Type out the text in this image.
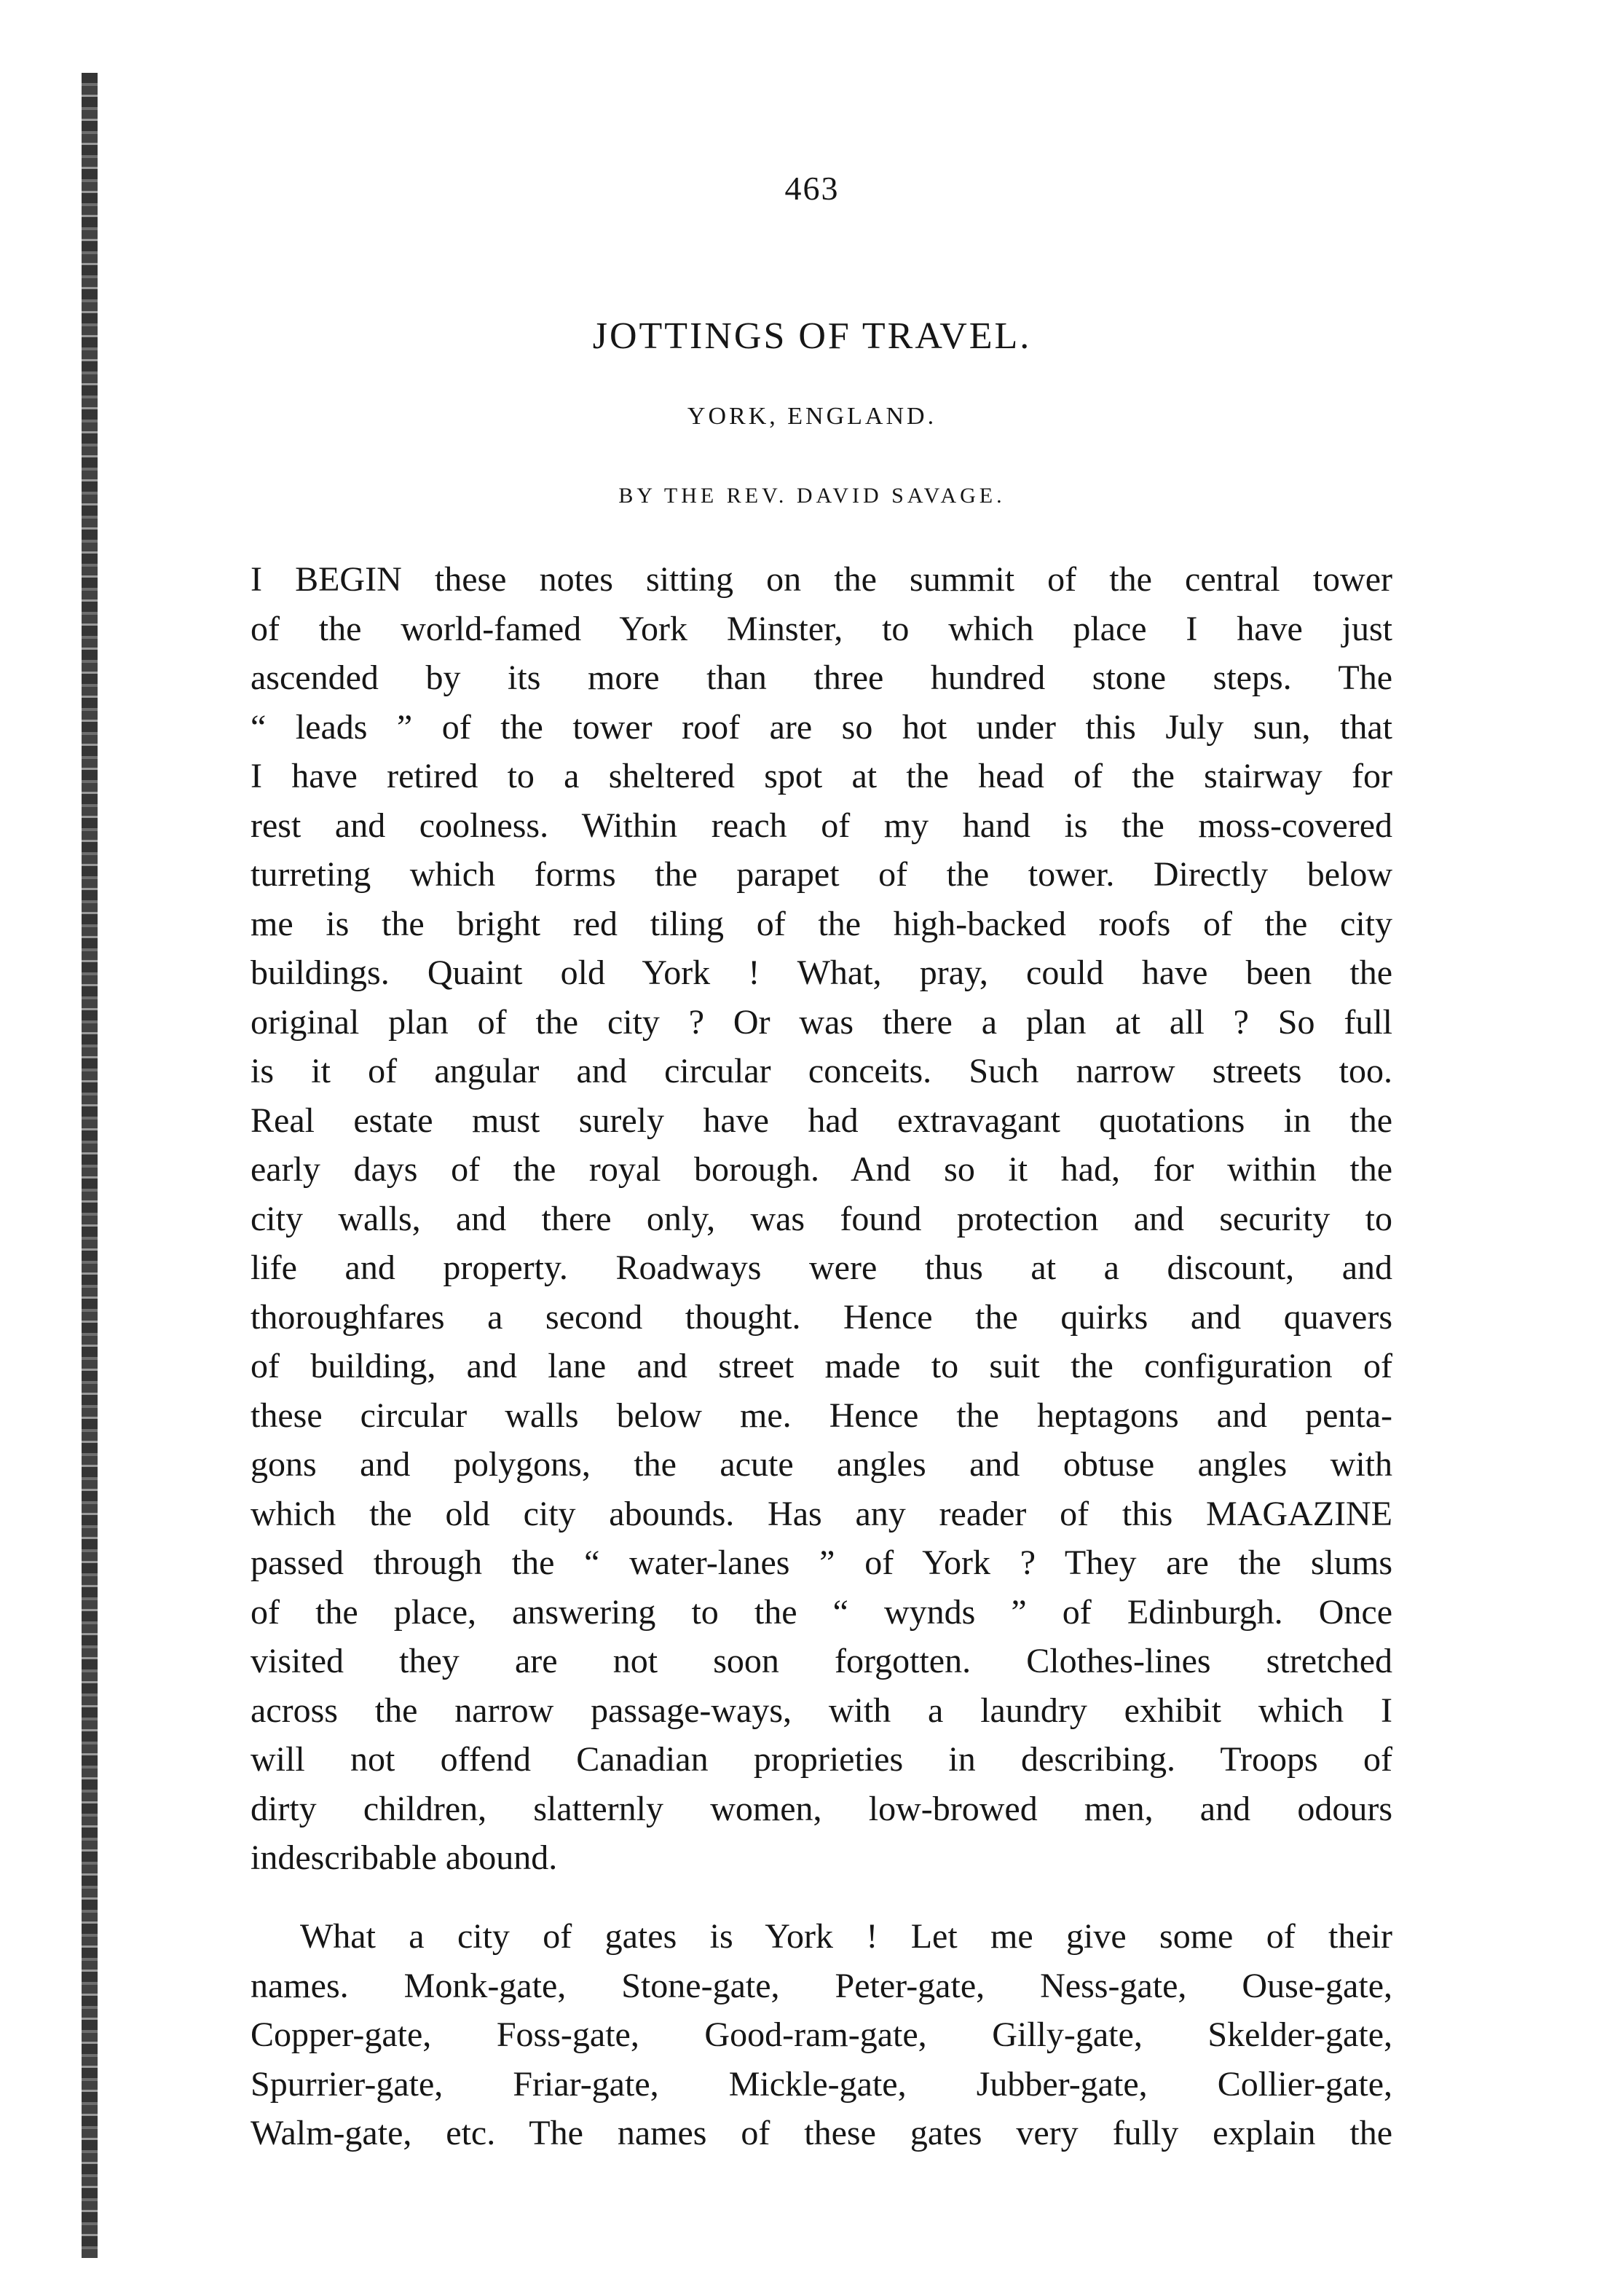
463
JOTTINGS OF TRAVEL.
YORK, ENGLAND.
BY THE REV. DAVID SAVAGE.
I BEGIN these notes sitting on the summit of the central tower
of the world-famed York Minster, to which place I have just
ascended by its more than three hundred stone steps. The
“ leads ” of the tower roof are so hot under this July sun, that
I have retired to a sheltered spot at the head of the stairway for
rest and coolness. Within reach of my hand is the moss-covered
turreting which forms the parapet of the tower. Directly below
me is the bright red tiling of the high-backed roofs of the city
buildings. Quaint old York ! What, pray, could have been the
original plan of the city ? Or was there a plan at all ? So full
is it of angular and circular conceits. Such narrow streets too.
Real estate must surely have had extravagant quotations in the
early days of the royal borough. And so it had, for within the
city walls, and there only, was found protection and security to
life and property. Roadways were thus at a discount, and
thoroughfares a second thought. Hence the quirks and quavers
of building, and lane and street made to suit the configuration of
these circular walls below me. Hence the heptagons and penta-
gons and polygons, the acute angles and obtuse angles with
which the old city abounds. Has any reader of this MAGAZINE
passed through the “ water-lanes ” of York ? They are the slums
of the place, answering to the “ wynds ” of Edinburgh. Once
visited they are not soon forgotten. Clothes-lines stretched
across the narrow passage-ways, with a laundry exhibit which I
will not offend Canadian proprieties in describing. Troops of
dirty children, slatternly women, low-browed men, and odours
indescribable abound.
What a city of gates is York ! Let me give some of their
names. Monk-gate, Stone-gate, Peter-gate, Ness-gate, Ouse-gate,
Copper-gate, Foss-gate, Good-ram-gate, Gilly-gate, Skelder-gate,
Spurrier-gate, Friar-gate, Mickle-gate, Jubber-gate, Collier-gate,
Walm-gate, etc. The names of these gates very fully explain the
